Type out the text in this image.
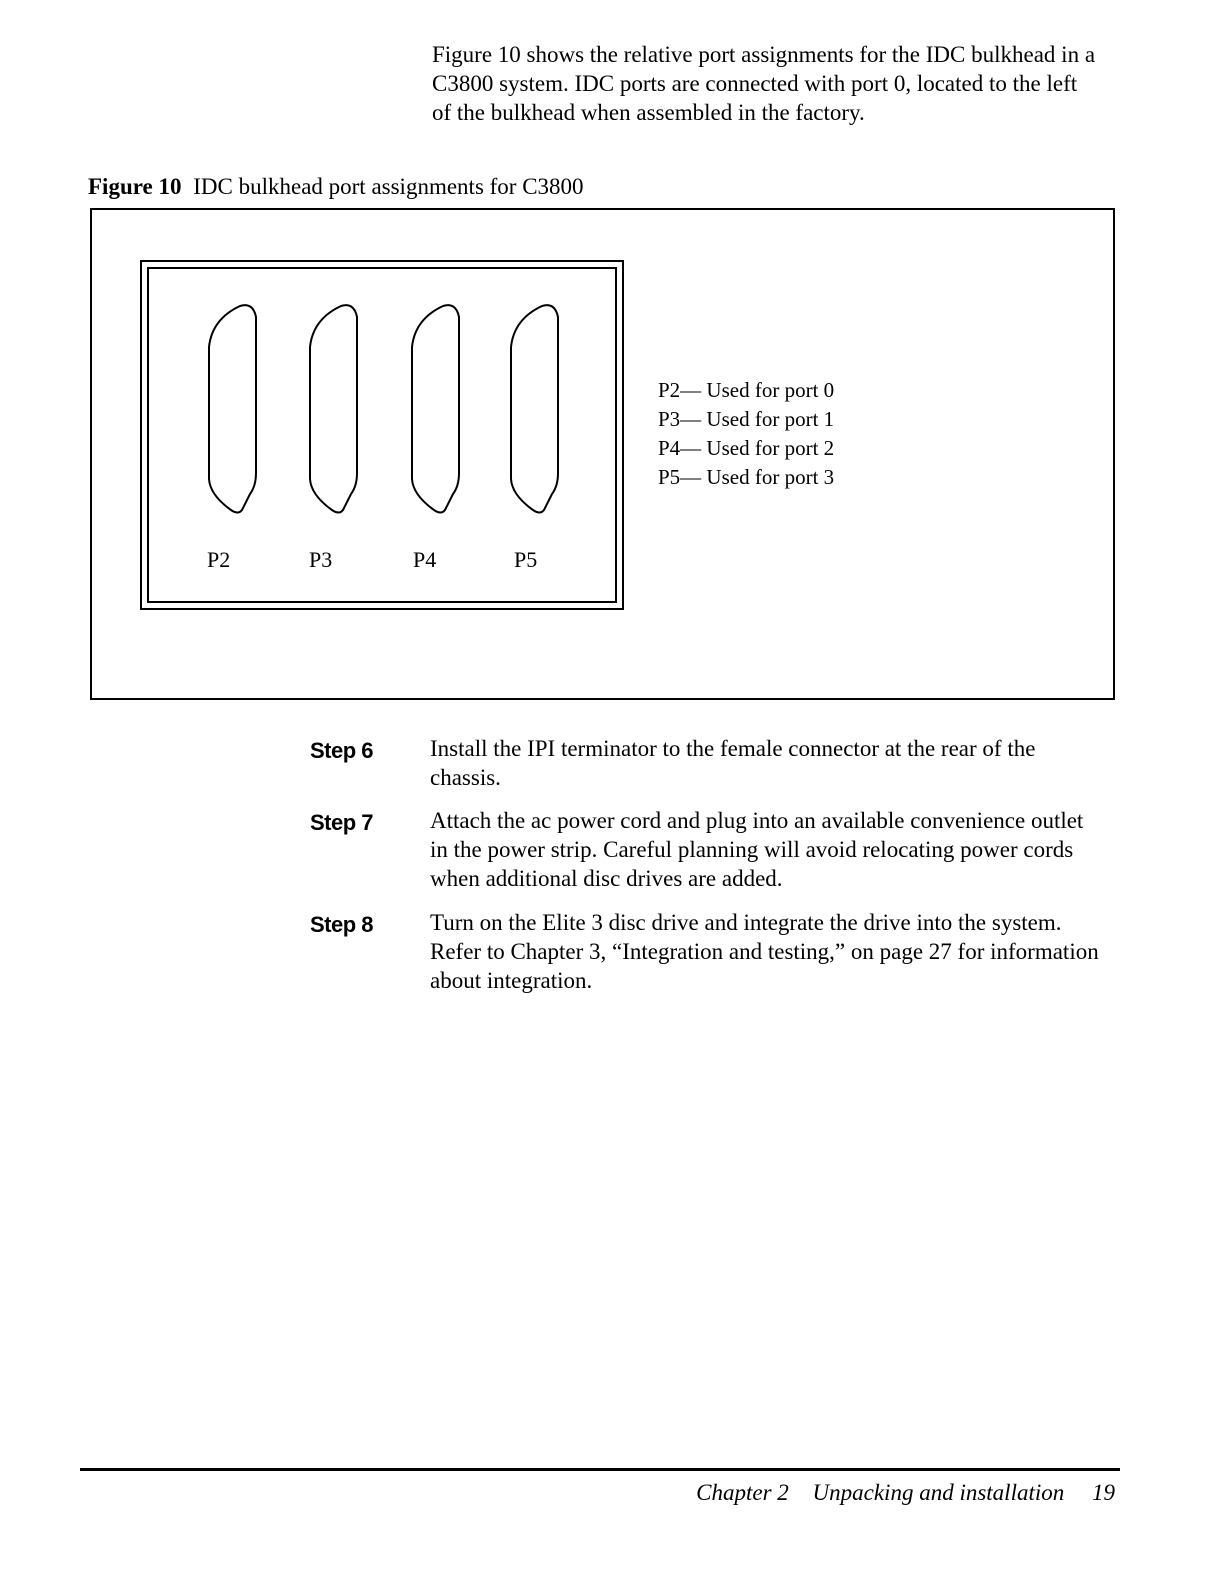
Figure 10 shows the relative port assignments for the IDC bulkhead in a C3800 system. IDC ports are connected with port 0, located to the left of the bulkhead when assembled in the factory.

Figure 10 IDC bulkhead port assignments for C3800

P2	P3	P4	P5
P2— Used for port 0
P3— Used for port 1
P4— Used for port 2
P5— Used for port 3
Step 6 Install the IPI terminator to the female connector at the rear of the chassis.

Step 7 Attach the ac power cord and plug into an available convenience outlet in the power strip. Careful planning will avoid relocating power cords when additional disc drives are added.

Step 8 Turn on the Elite 3 disc drive and integrate the drive into the system. Refer to Chapter 3, “Integration and testing,” on page 27 for information about integration.

Chapter 2 Unpacking and installation 19
